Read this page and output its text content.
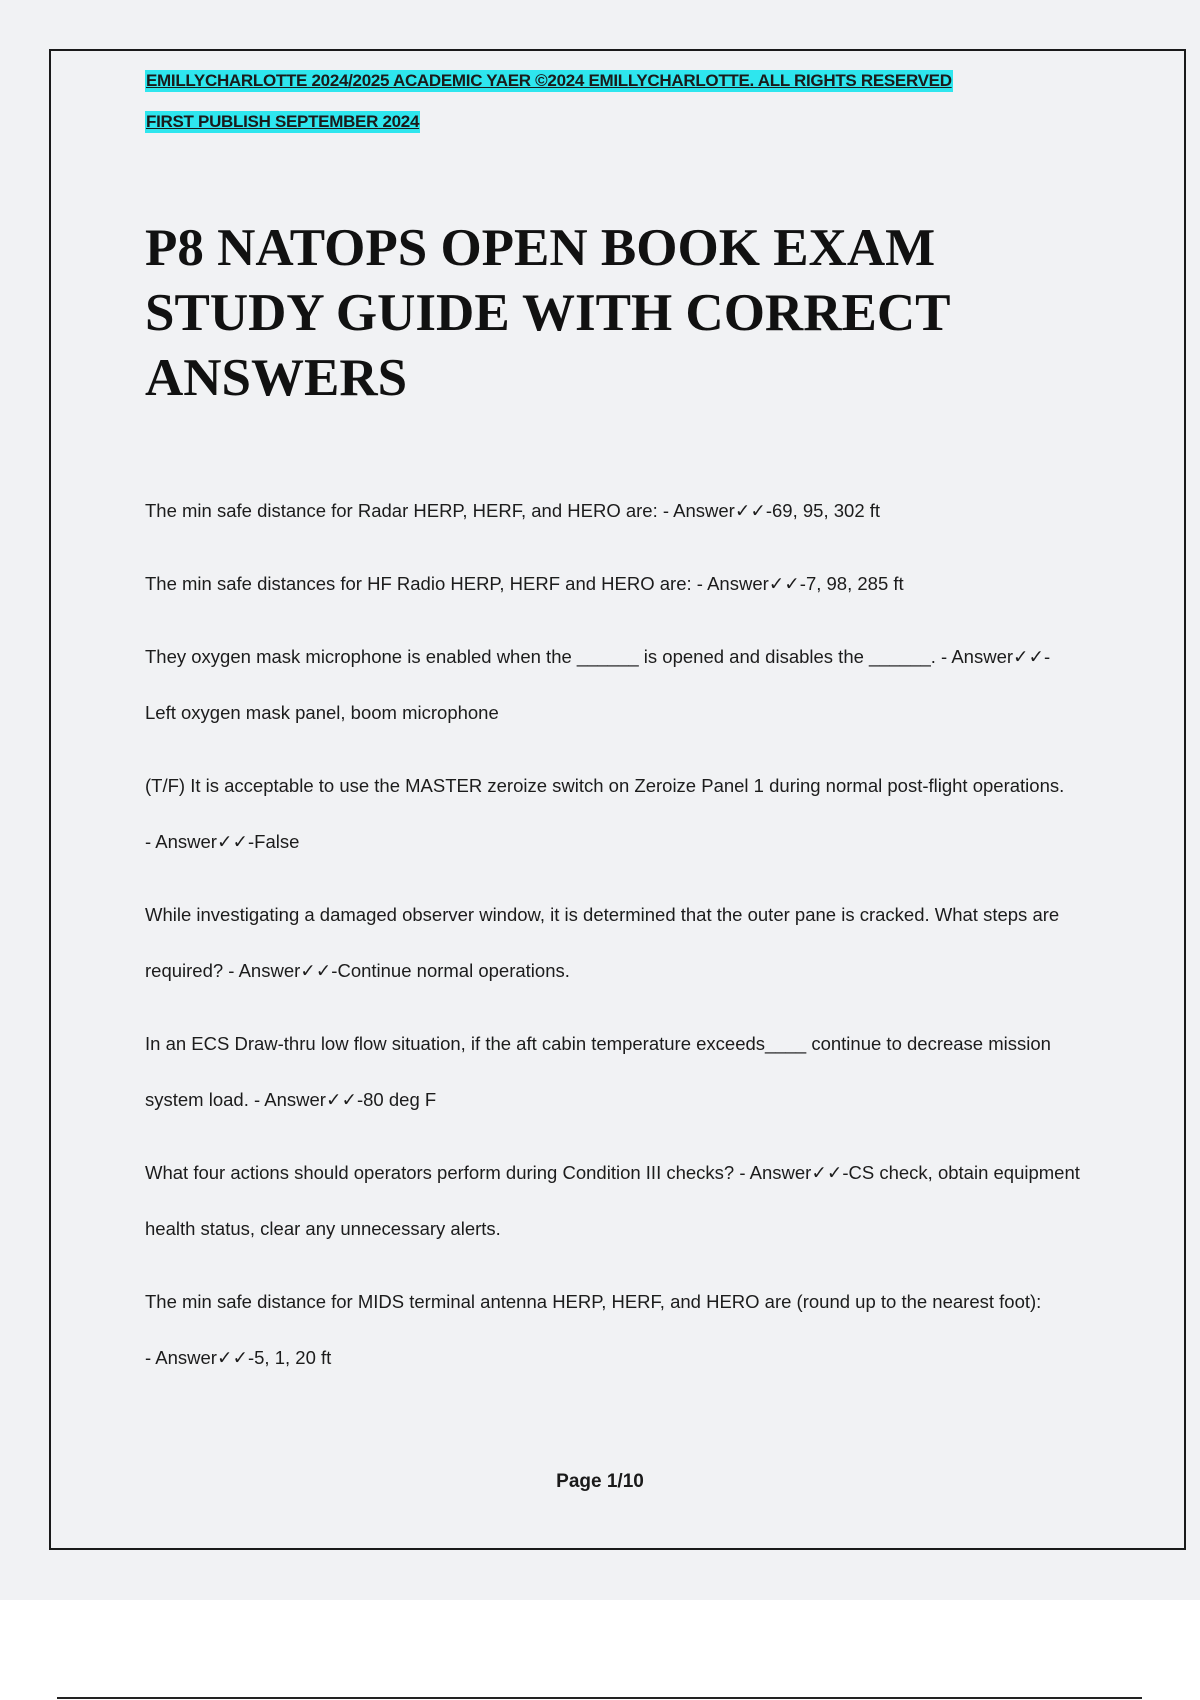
EMILLYCHARLOTTE 2024/2025 ACADEMIC YAER ©2024 EMILLYCHARLOTTE. ALL RIGHTS RESERVED
FIRST PUBLISH SEPTEMBER 2024
P8 NATOPS OPEN BOOK EXAM STUDY GUIDE WITH CORRECT ANSWERS
The min safe distance for Radar HERP, HERF, and HERO are: - Answer✓✓-69, 95, 302 ft
The min safe distances for HF Radio HERP, HERF and HERO are: - Answer✓✓-7, 98, 285 ft
They oxygen mask microphone is enabled when the ______ is opened and disables the ______. - Answer✓✓-Left oxygen mask panel, boom microphone
(T/F) It is acceptable to use the MASTER zeroize switch on Zeroize Panel 1 during normal post-flight operations. - Answer✓✓-False
While investigating a damaged observer window, it is determined that the outer pane is cracked. What steps are required? - Answer✓✓-Continue normal operations.
In an ECS Draw-thru low flow situation, if the aft cabin temperature exceeds____ continue to decrease mission system load. - Answer✓✓-80 deg F
What four actions should operators perform during Condition III checks? - Answer✓✓-CS check, obtain equipment health status, clear any unnecessary alerts.
The min safe distance for MIDS terminal antenna HERP, HERF, and HERO are (round up to the nearest foot): - Answer✓✓-5, 1, 20 ft
Page 1/10
